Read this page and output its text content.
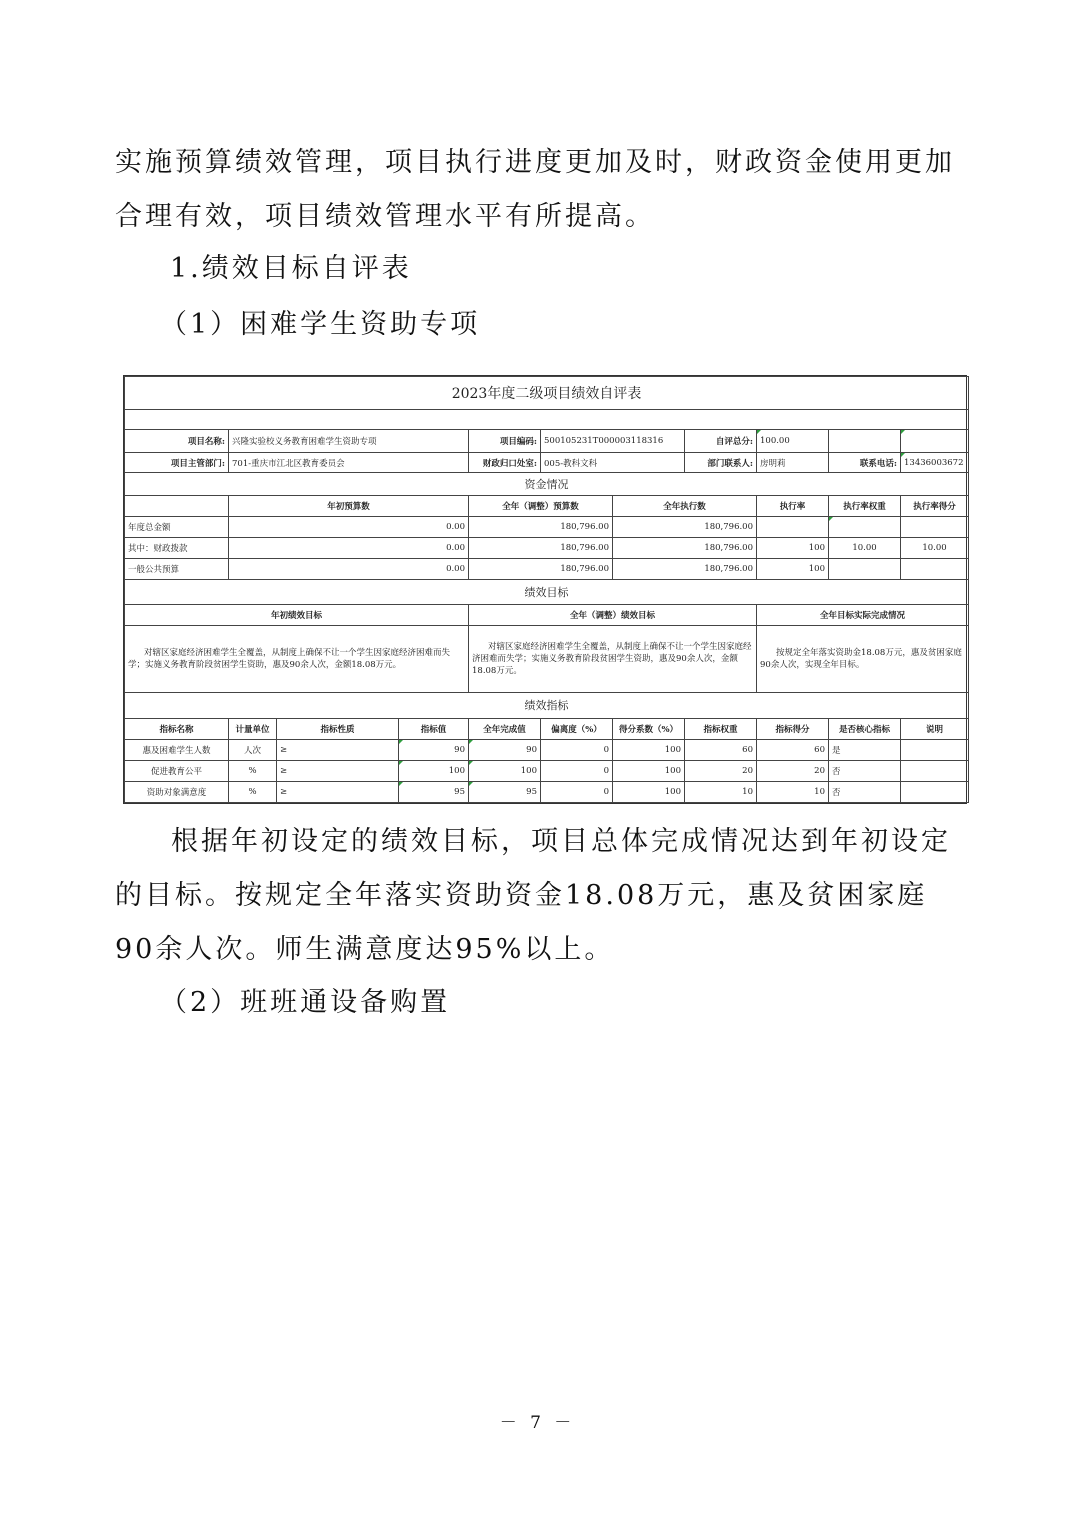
实施预算绩效管理，项目执行进度更加及时，财政资金使用更加合理有效，项目绩效管理水平有所提高。

1.绩效目标自评表
（1）困难学生资助专项
2023年度二级项目绩效自评表										

项目名称:	兴隆实验校义务教育困难学生资助专项			项目编码:	500105231T000003118316		自评总分:	100.00		
项目主管部门:	701-重庆市江北区教育委员会			财政归口处室:	005-教科文科		部门联系人:	房明莉	联系电话:	13436003672
资金情况										
	年初预算数			全年（调整）预算数		全年执行数		执行率	执行率权重	执行率得分
年度总金额	0.00			180,796.00		180,796.00				
其中：财政拨款	0.00			180,796.00		180,796.00		100	10.00	10.00
一般公共预算	0.00			180,796.00		180,796.00		100		
绩效目标										
年初绩效目标				全年（调整）绩效目标				全年目标实际完成情况		
对辖区家庭经济困难学生全覆盖，从制度上确保不让一个学生因家庭经济困难而失学；实施义务教育阶段贫困学生资助，惠及90余人次，金额18.08万元。				对辖区家庭经济困难学生全覆盖，从制度上确保不让一个学生因家庭经济困难而失学；实施义务教育阶段贫困学生资助，惠及90余人次，金额18.08万元。				按规定全年落实资助金18.08万元，惠及贫困家庭90余人次，实现全年目标。		
绩效指标										
指标名称	计量单位	指标性质	指标值	全年完成值	偏离度（%）	得分系数（%）	指标权重	指标得分	是否核心指标	说明
惠及困难学生人数	人次	≥	90	90	0	100	60	60	是	
促进教育公平	%	≥	100	100	0	100	20	20	否	
资助对象满意度	%	≥	95	95	0	100	10	10	否	

根据年初设定的绩效目标，项目总体完成情况达到年初设定的目标。按规定全年落实资助资金18.08万元，惠及贫困家庭90余人次。师生满意度达95%以上。

（2）班班通设备购置
－ 7 －
